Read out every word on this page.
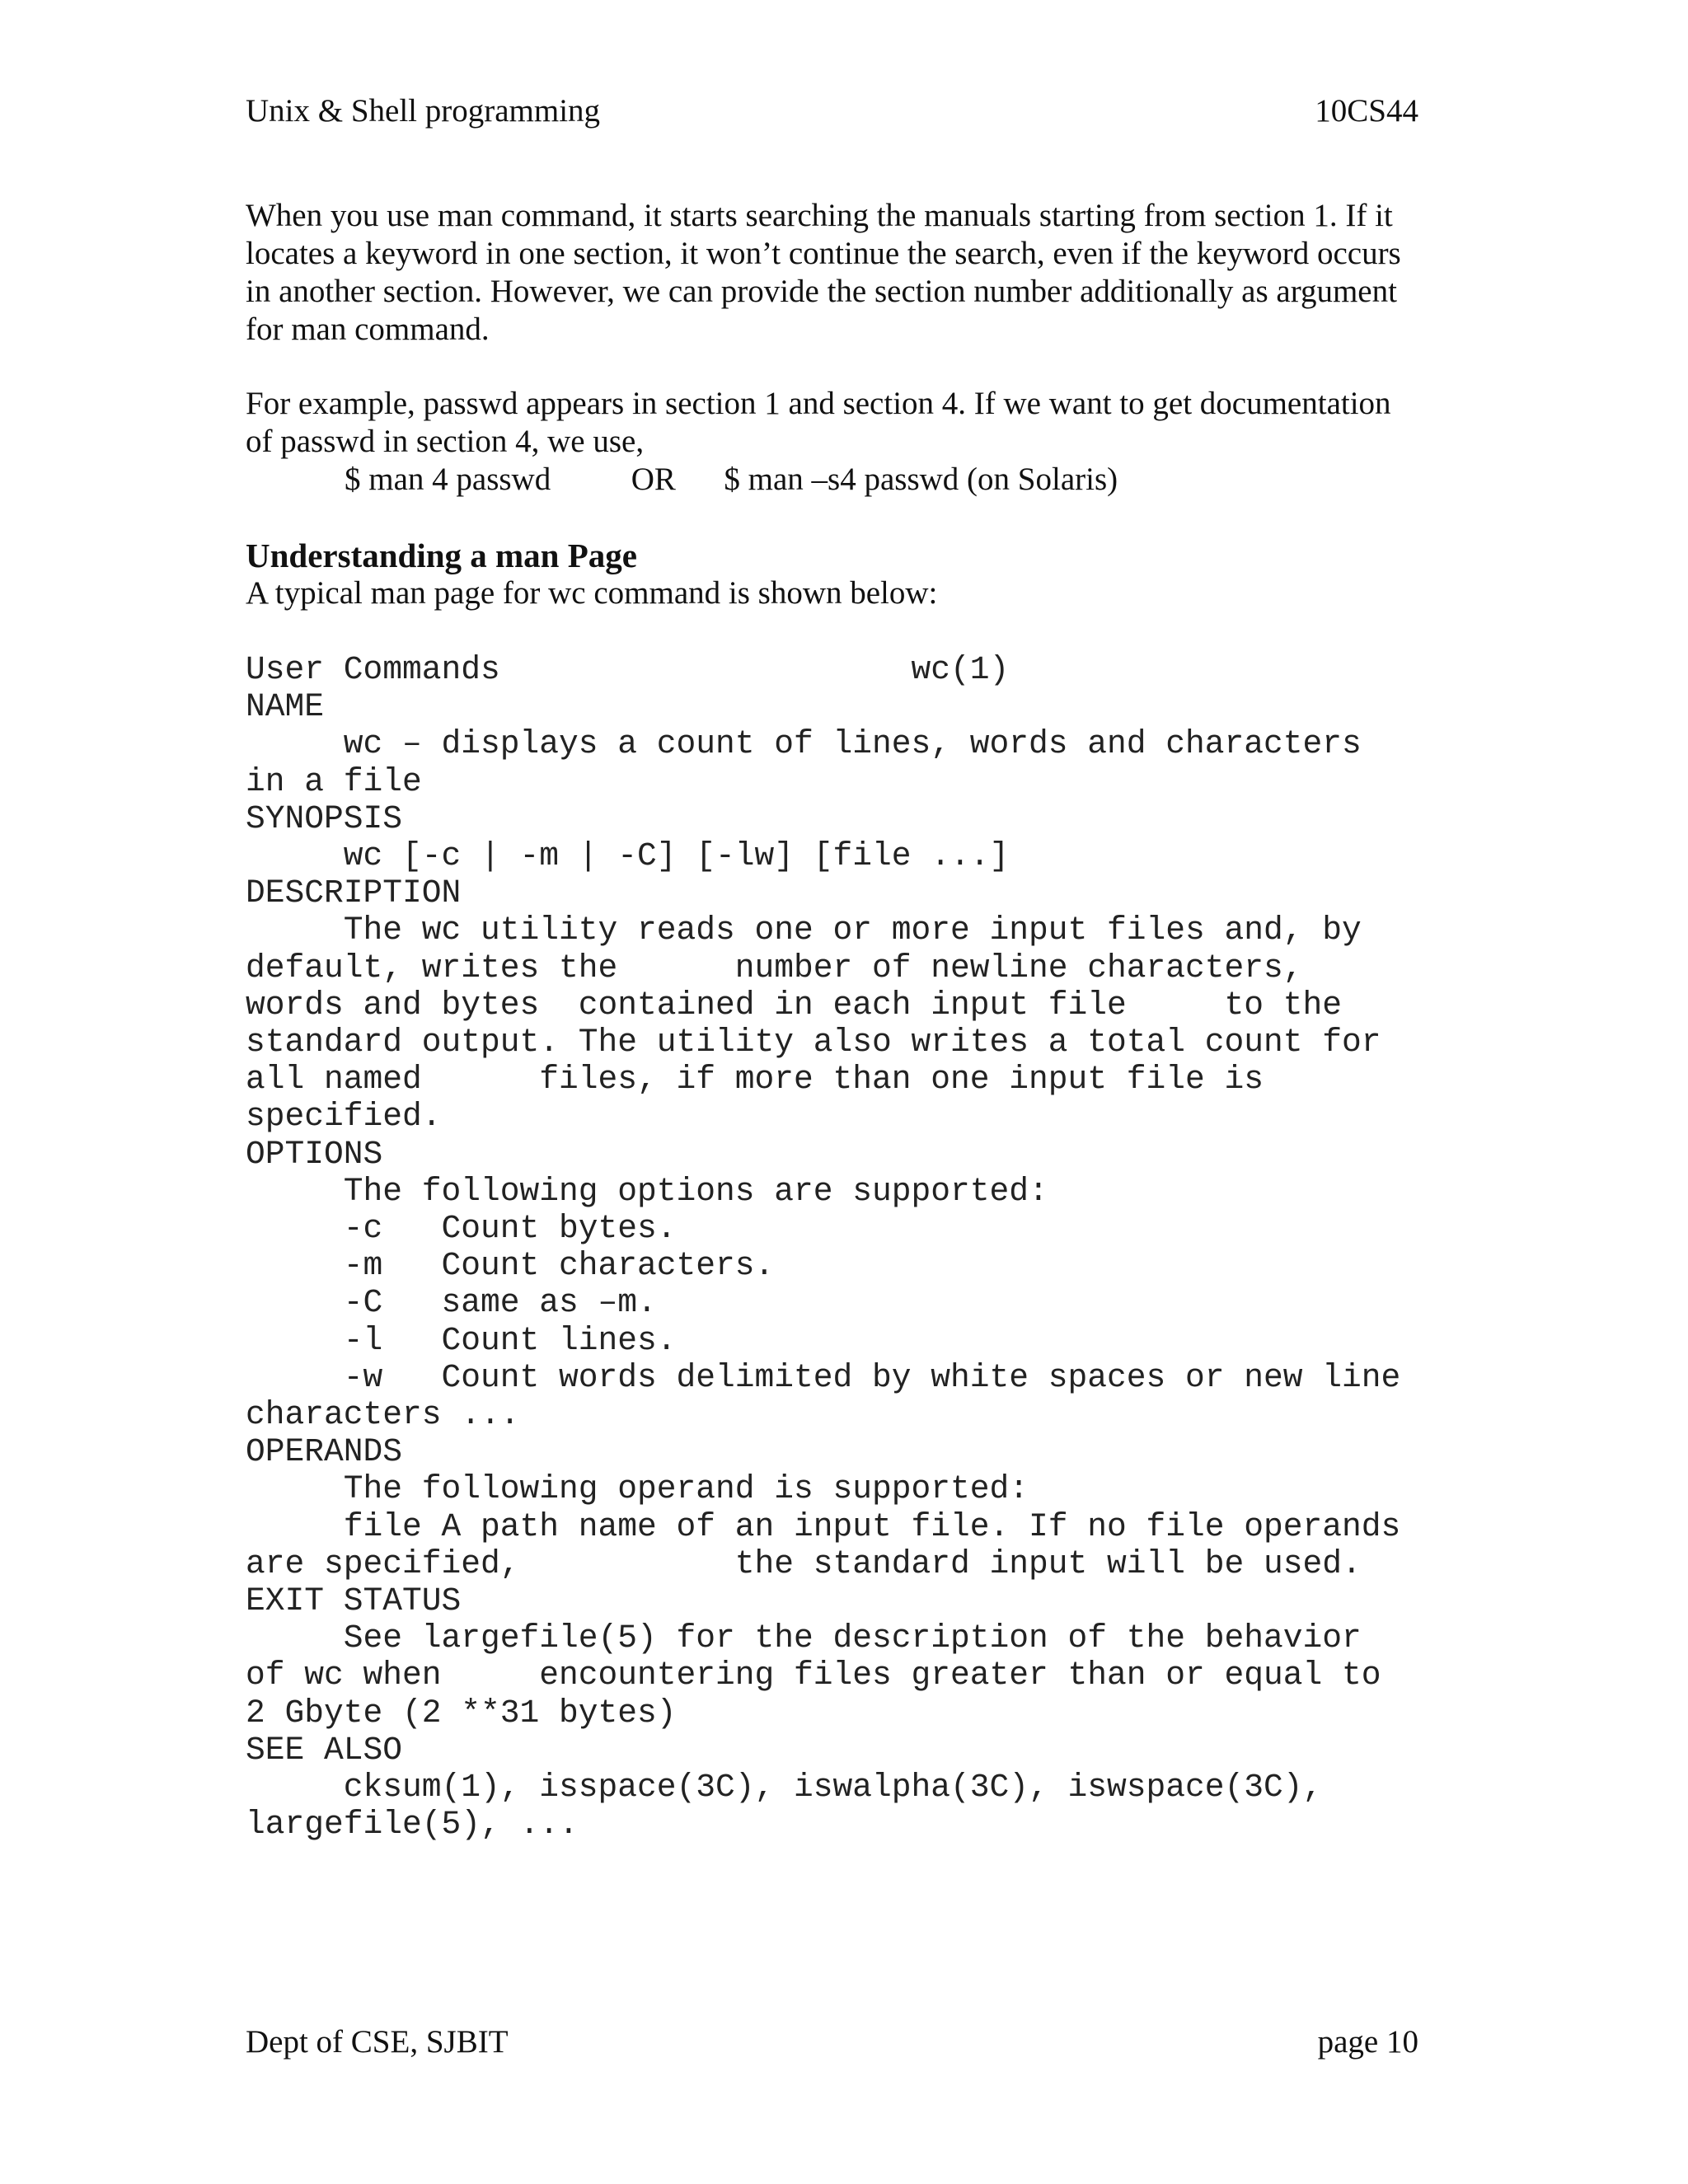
Unix & Shell programming	10CS44

When you use man command, it starts searching the manuals starting from section 1. If it locates a keyword in one section, it won’t continue the search, even if the keyword occurs in another section. However, we can provide the section number additionally as argument for man command.

For example, passwd appears in section 1 and section 4. If we want to get documentation of passwd in section 4, we use,

$ man 4 passwd          OR      $ man –s4 passwd (on Solaris)
Understanding a man Page

A typical man page for wc command is shown below:

User Commands                     wc(1)
NAME
wc – displays a count of lines, words and characters
in a file
SYNOPSIS
wc [-c | -m | -C] [-lw] [file ...]
DESCRIPTION
The wc utility reads one or more input files and, by
default, writes the      number of newline characters,
words and bytes  contained in each input file     to the
standard output. The utility also writes a total count for
all named      files, if more than one input file is
specified.
OPTIONS
The following options are supported:
-c   Count bytes.
-m   Count characters.
-C   same as –m.
-l   Count lines.
-w   Count words delimited by white spaces or new line
characters ...
OPERANDS
The following operand is supported:
file A path name of an input file. If no file operands
are specified,           the standard input will be used.
EXIT STATUS
See largefile(5) for the description of the behavior
of wc when     encountering files greater than or equal to
2 Gbyte (2 **31 bytes)
SEE ALSO
cksum(1), isspace(3C), iswalpha(3C), iswspace(3C),
largefile(5), ...
Dept of CSE, SJBIT	page 10
